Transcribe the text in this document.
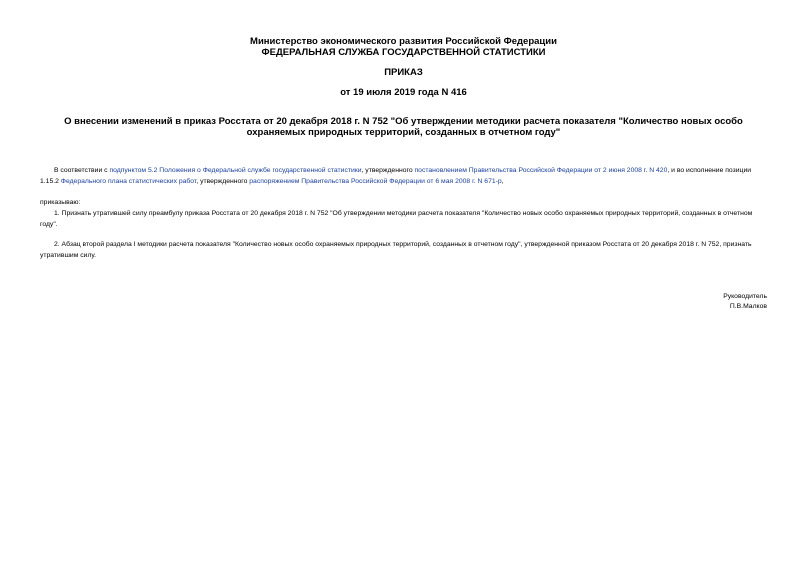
Министерство экономического развития Российской Федерации
ФЕДЕРАЛЬНАЯ СЛУЖБА ГОСУДАРСТВЕННОЙ СТАТИСТИКИ
ПРИКАЗ
от 19 июля 2019 года N 416
О внесении изменений в приказ Росстата от 20 декабря 2018 г. N 752 "Об утверждении методики расчета показателя "Количество новых особо охраняемых природных территорий, созданных в отчетном году"
В соответствии с подпунктом 5.2 Положения о Федеральной службе государственной статистики, утвержденного постановлением Правительства Российской Федерации от 2 июня 2008 г. N 420, и во исполнение позиции 1.15.2 Федерального плана статистических работ, утвержденного распоряжением Правительства Российской Федерации от 6 мая 2008 г. N 671-р,
приказываю:
1. Признать утратившей силу преамбулу приказа Росстата от 20 декабря 2018 г. N 752 "Об утверждении методики расчета показателя "Количество новых особо охраняемых природных территорий, созданных в отчетном году".
2. Абзац второй раздела I методики расчета показателя "Количество новых особо охраняемых природных территорий, созданных в отчетном году", утвержденной приказом Росстата от 20 декабря 2018 г. N 752, признать утратившим силу.
Руководитель
П.В.Малков
